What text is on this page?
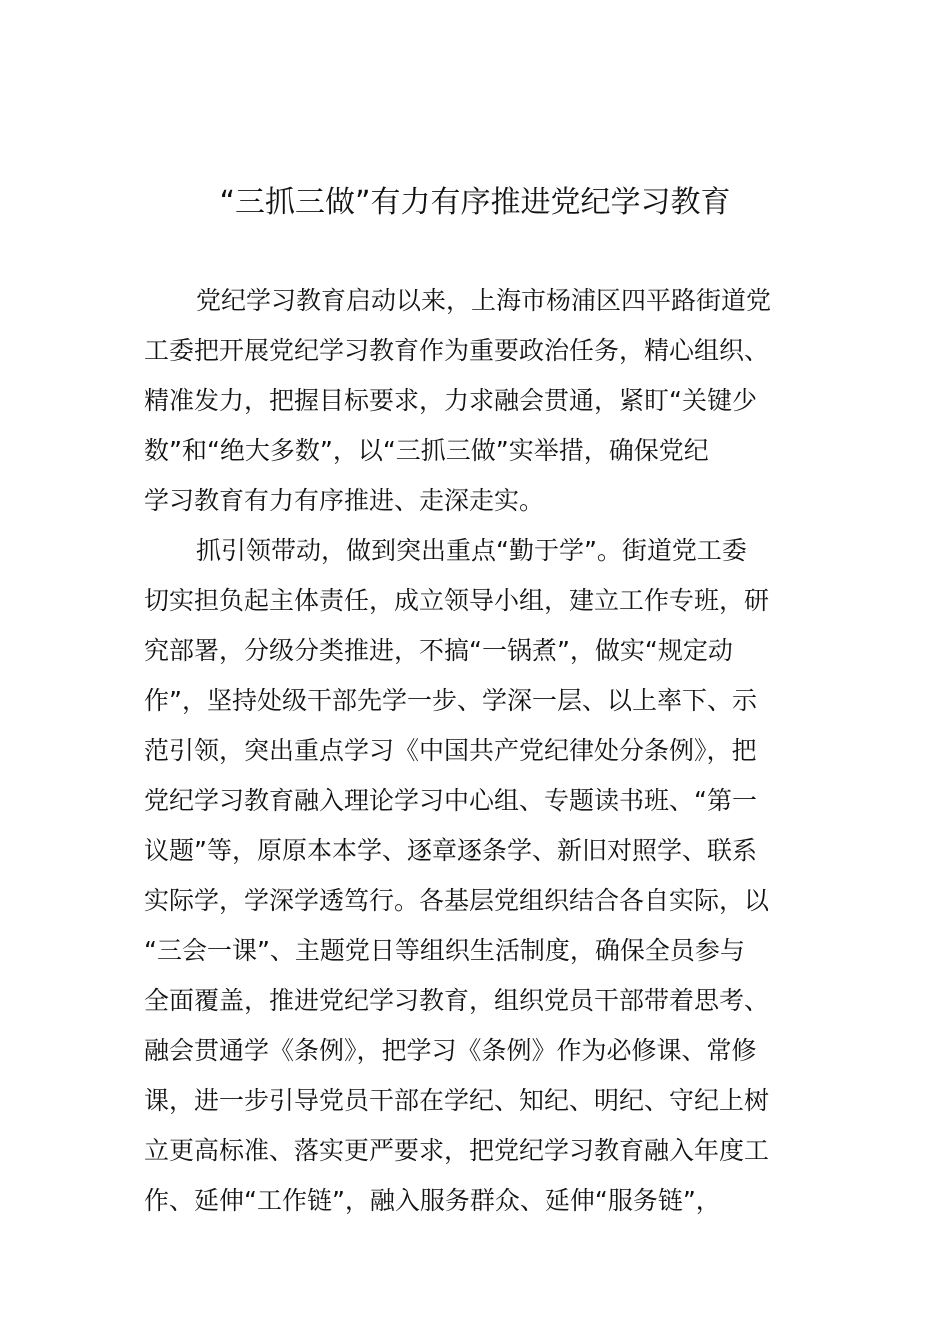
“三抓三做”有力有序推进党纪学习教育
党纪学习教育启动以来，上海市杨浦区四平路街道党
工委把开展党纪学习教育作为重要政治任务，精心组织、
精准发力，把握目标要求，力求融会贯通，紧盯“关键少
数”和“绝大多数”，以“三抓三做”实举措，确保党纪
学习教育有力有序推进、走深走实。
抓引领带动，做到突出重点“勤于学”。街道党工委
切实担负起主体责任，成立领导小组，建立工作专班，研
究部署，分级分类推进，不搞“一锅煮”，做实“规定动
作”，坚持处级干部先学一步、学深一层、以上率下、示
范引领，突出重点学习《中国共产党纪律处分条例》，把
党纪学习教育融入理论学习中心组、专题读书班、“第一
议题”等，原原本本学、逐章逐条学、新旧对照学、联系
实际学，学深学透笃行。各基层党组织结合各自实际，以
“三会一课”、主题党日等组织生活制度，确保全员参与
全面覆盖，推进党纪学习教育，组织党员干部带着思考、
融会贯通学《条例》，把学习《条例》作为必修课、常修
课，进一步引导党员干部在学纪、知纪、明纪、守纪上树
立更高标准、落实更严要求，把党纪学习教育融入年度工
作、延伸“工作链”，融入服务群众、延伸“服务链”，
